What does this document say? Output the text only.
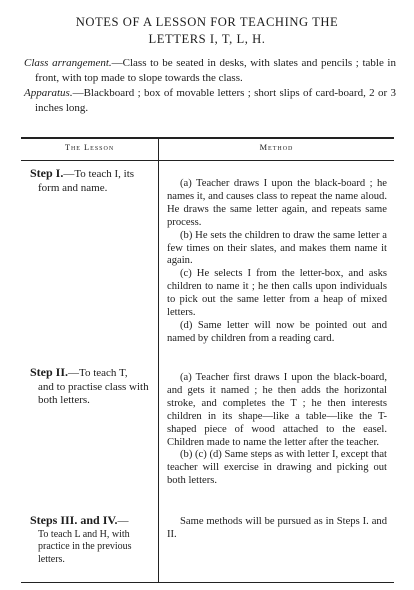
NOTES OF A LESSON FOR TEACHING THE
LETTERS I, T, L, H.

Class arrangement.—Class to be seated in desks, with slates and pencils ; table in front, with top made to slope towards the class.

Apparatus.—Blackboard ; box of movable letters ; short slips of card-board, 2 or 3 inches long.

The Lesson	Method
Step I.—To teach I, its
form and name.	(a) Teacher draws I upon the black-board ; he names it, and causes class to repeat the name aloud. He draws the same letter again, and repeats same process.

(b) He sets the children to draw the same letter a few times on their slates, and makes them name it again.

(c) He selects I from the letter-box, and asks children to name it ; he then calls upon individuals to pick out the same letter from a heap of mixed letters.

(d) Same letter will now be pointed out and named by children from a reading card.

Step II.—To teach T,
and to practise class with both letters.

(a) Teacher first draws I upon the black-board, and gets it named ; he then adds the horizontal stroke, and completes the T ; he then interests children in its shape—like a table—like the T-shaped piece of wood attached to the easel. Children made to name the letter after the teacher.

(b) (c) (d) Same steps as with letter I, except that teacher will exercise in drawing and picking out both letters.

Steps III. and IV.—
To teach L and H, with practice in the previous letters.

Same methods will be pursued as in Steps I. and II.
